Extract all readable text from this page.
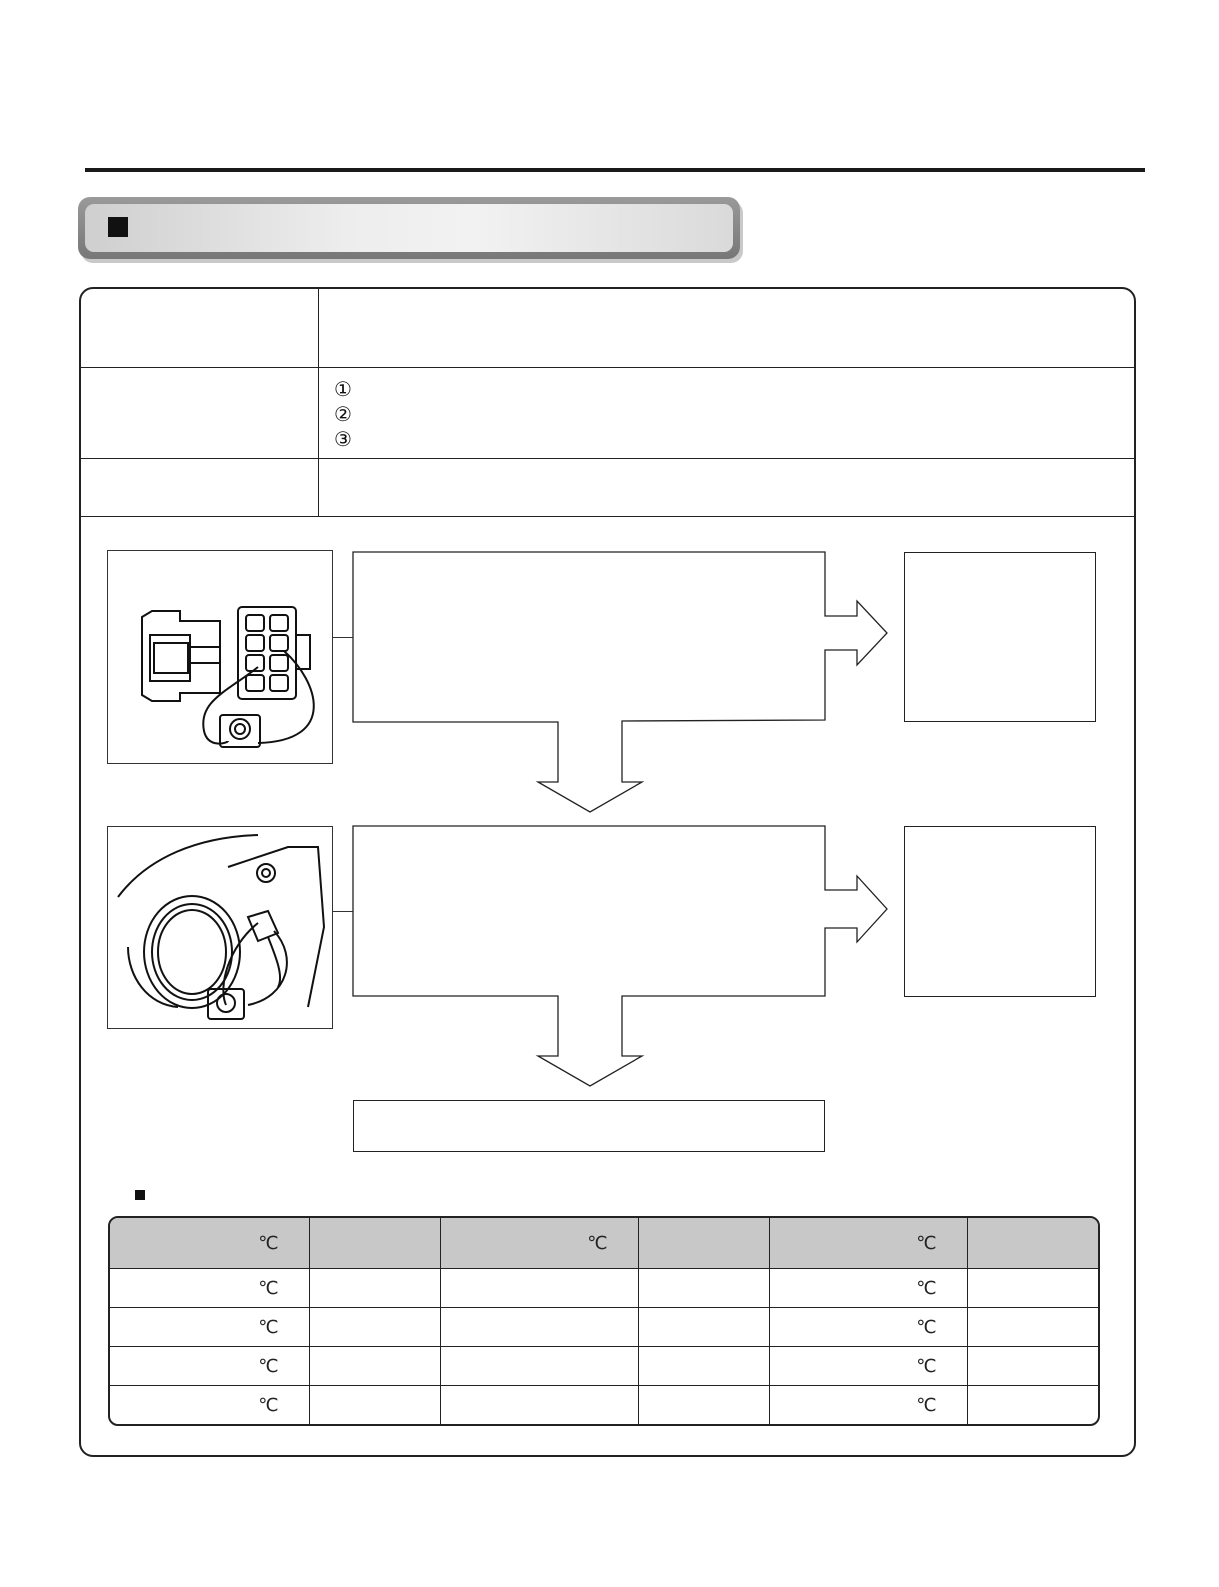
①
②
③
℃		℃		℃	

℃				℃	

℃				℃	

℃				℃	

℃				℃	
